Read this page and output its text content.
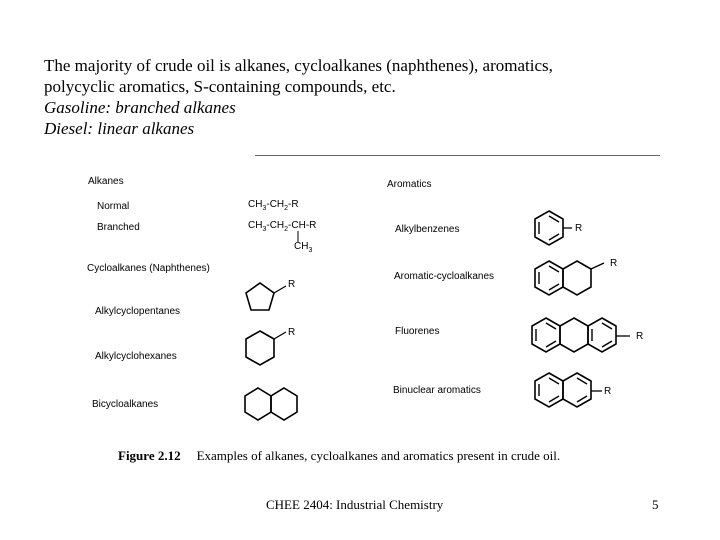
The majority of crude oil is alkanes, cycloalkanes (naphthenes), aromatics,
polycyclic aromatics, S-containing compounds, etc.
Gasoline: branched alkanes
Diesel: linear alkanes
Alkanes
Normal	$CH_3-CH_2-R$
Branched	$CH_3-CH_2-CH-R$
$CH_3$
Cycloalkanes (Naphthenes)
Alkylcyclopentanes
Alkylcyclohexanes
Bicycloalkanes
R
R
Aromatics
Alkylbenzenes
Aromatic-cycloalkanes
Fluorenes
Binuclear aromatics
R
R
R
R
Figure 2.12 Examples of alkanes, cycloalkanes and aromatics present in crude oil.
CHEE 2404: Industrial Chemistry	5
